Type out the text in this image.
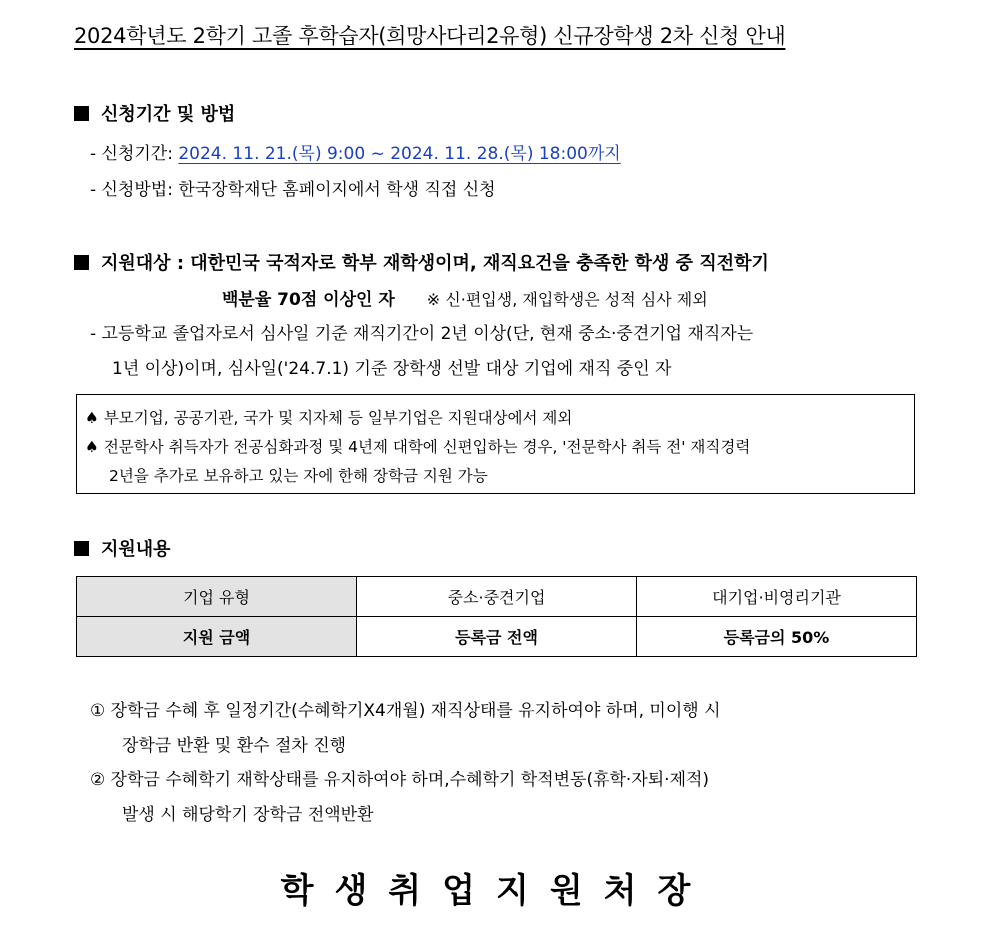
2024학년도 2학기 고졸 후학습자(희망사다리2유형) 신규장학생 2차 신청 안내
신청기간 및 방법
- 신청기간: 2024. 11. 21.(목) 9:00 ~ 2024. 11. 28.(목) 18:00까지
- 신청방법: 한국장학재단 홈페이지에서 학생 직접 신청
지원대상 : 대한민국 국적자로 학부 재학생이며, 재직요건을 충족한 학생 중 직전학기
백분율 70점 이상인 자 ※ 신·편입생, 재입학생은 성적 심사 제외
- 고등학교 졸업자로서 심사일 기준 재직기간이 2년 이상(단, 현재 중소·중견기업 재직자는
1년 이상)이며, 심사일('24.7.1) 기준 장학생 선발 대상 기업에 재직 중인 자
♠ 부모기업, 공공기관, 국가 및 지자체 등 일부기업은 지원대상에서 제외
♠ 전문학사 취득자가 전공심화과정 및 4년제 대학에 신편입하는 경우, '전문학사 취득 전' 재직경력
2년을 추가로 보유하고 있는 자에 한해 장학금 지원 가능
지원내용
기업 유형	중소·중견기업	대기업·비영리기관
지원 금액	등록금 전액	등록금의 50%
① 장학금 수혜 후 일정기간(수혜학기X4개월) 재직상태를 유지하여야 하며, 미이행 시
장학금 반환 및 환수 절차 진행
② 장학금 수혜학기 재학상태를 유지하여야 하며,수혜학기 학적변동(휴학·자퇴·제적)
발생 시 해당학기 장학금 전액반환
학생취업지원처장
